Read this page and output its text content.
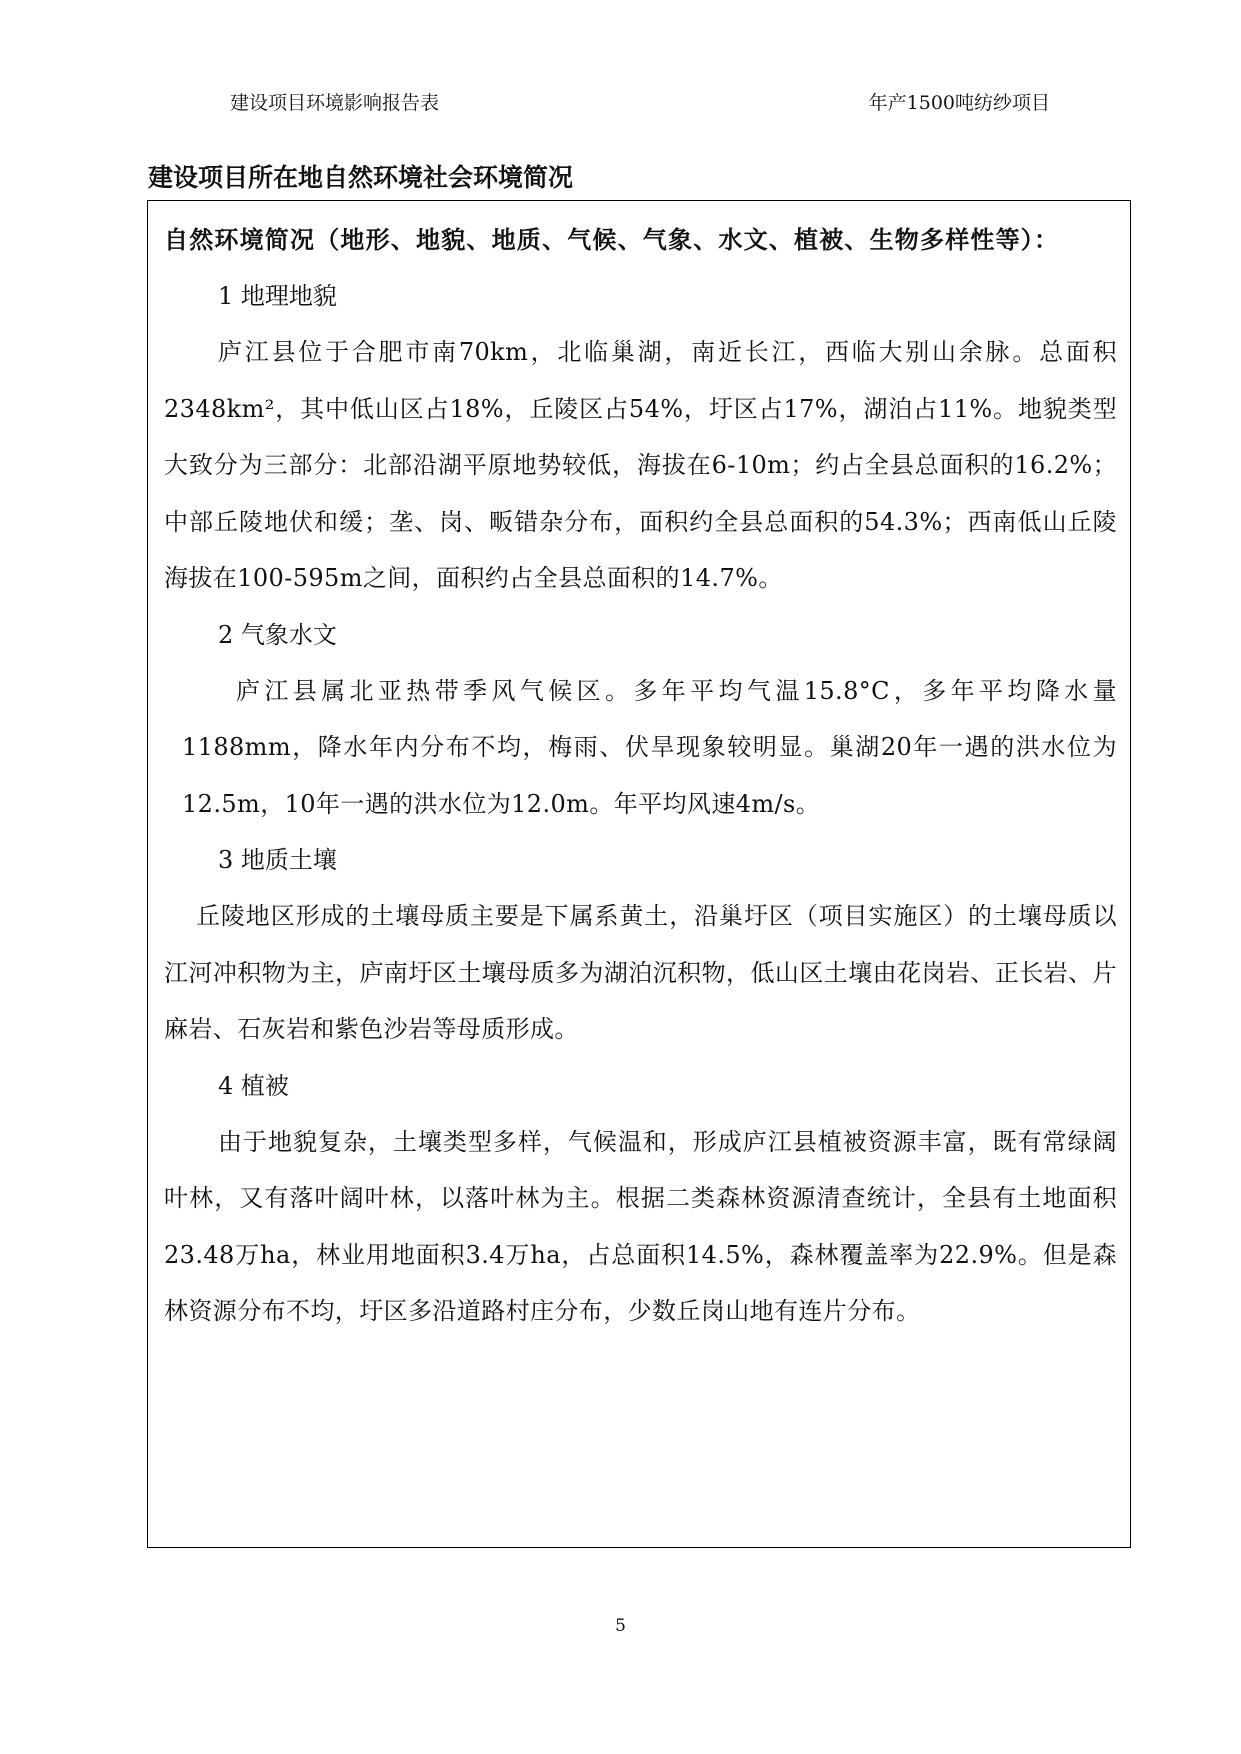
建设项目环境影响报告表	年产1500吨纺纱项目
建设项目所在地自然环境社会环境简况

自然环境简况（地形、地貌、地质、气候、气象、水文、植被、生物多样性等）：

1 地理地貌

庐江县位于合肥市南70km，北临巢湖，南近长江，西临大别山余脉。总面积2348km²，其中低山区占18%，丘陵区占54%，圩区占17%，湖泊占11%。地貌类型大致分为三部分：北部沿湖平原地势较低，海拔在6-10m；约占全县总面积的16.2%；中部丘陵地伏和缓；垄、岗、畈错杂分布，面积约全县总面积的54.3%；西南低山丘陵海拔在100-595m之间，面积约占全县总面积的14.7%。

2 气象水文

庐江县属北亚热带季风气候区。多年平均气温15.8°C，多年平均降水量1188mm，降水年内分布不均，梅雨、伏旱现象较明显。巢湖20年一遇的洪水位为12.5m，10年一遇的洪水位为12.0m。年平均风速4m/s。

3 地质土壤

丘陵地区形成的土壤母质主要是下属系黄土，沿巢圩区（项目实施区）的土壤母质以江河冲积物为主，庐南圩区土壤母质多为湖泊沉积物，低山区土壤由花岗岩、正长岩、片麻岩、石灰岩和紫色沙岩等母质形成。

4 植被

由于地貌复杂，土壤类型多样，气候温和，形成庐江县植被资源丰富，既有常绿阔叶林，又有落叶阔叶林，以落叶林为主。根据二类森林资源清查统计，全县有土地面积23.48万ha，林业用地面积3.4万ha，占总面积14.5%，森林覆盖率为22.9%。但是森林资源分布不均，圩区多沿道路村庄分布，少数丘岗山地有连片分布。

5
